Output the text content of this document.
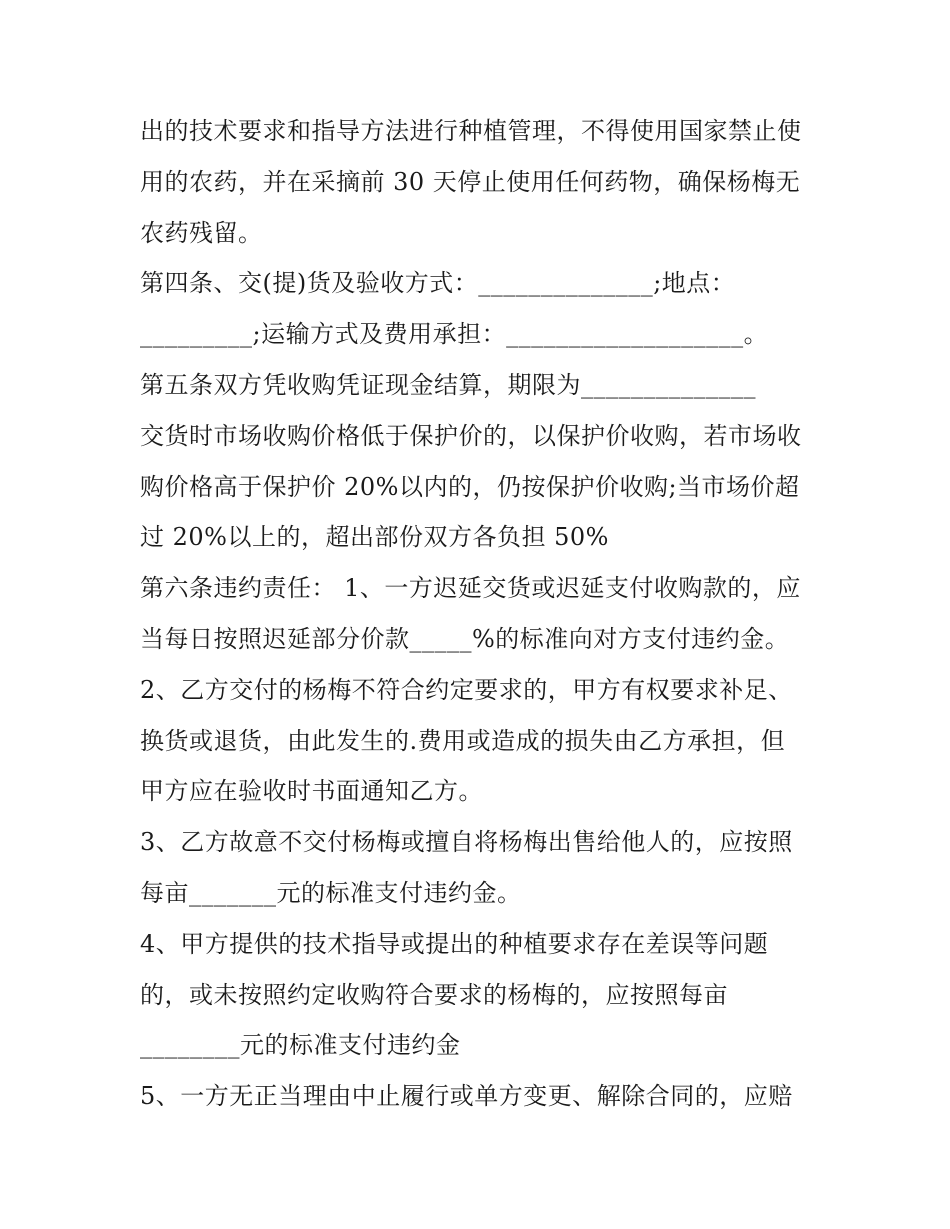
出的技术要求和指导方法进行种植管理，不得使用国家禁止使
用的农药，并在采摘前 30 天停止使用任何药物，确保杨梅无
农药残留。
第四条、交(提)货及验收方式：______________;地点：
_________;运输方式及费用承担：___________________。
第五条双方凭收购凭证现金结算，期限为______________
交货时市场收购价格低于保护价的，以保护价收购，若市场收
购价格高于保护价 20%以内的，仍按保护价收购;当市场价超
过 20%以上的，超出部份双方各负担 50%
第六条违约责任： 1、一方迟延交货或迟延支付收购款的，应
当每日按照迟延部分价款_____%的标准向对方支付违约金。
2、乙方交付的杨梅不符合约定要求的，甲方有权要求补足、
换货或退货，由此发生的.费用或造成的损失由乙方承担，但
甲方应在验收时书面通知乙方。
3、乙方故意不交付杨梅或擅自将杨梅出售给他人的，应按照
每亩_______元的标准支付违约金。
4、甲方提供的技术指导或提出的种植要求存在差误等问题
的，或未按照约定收购符合要求的杨梅的，应按照每亩
________元的标准支付违约金
5、一方无正当理由中止履行或单方变更、解除合同的，应赔
